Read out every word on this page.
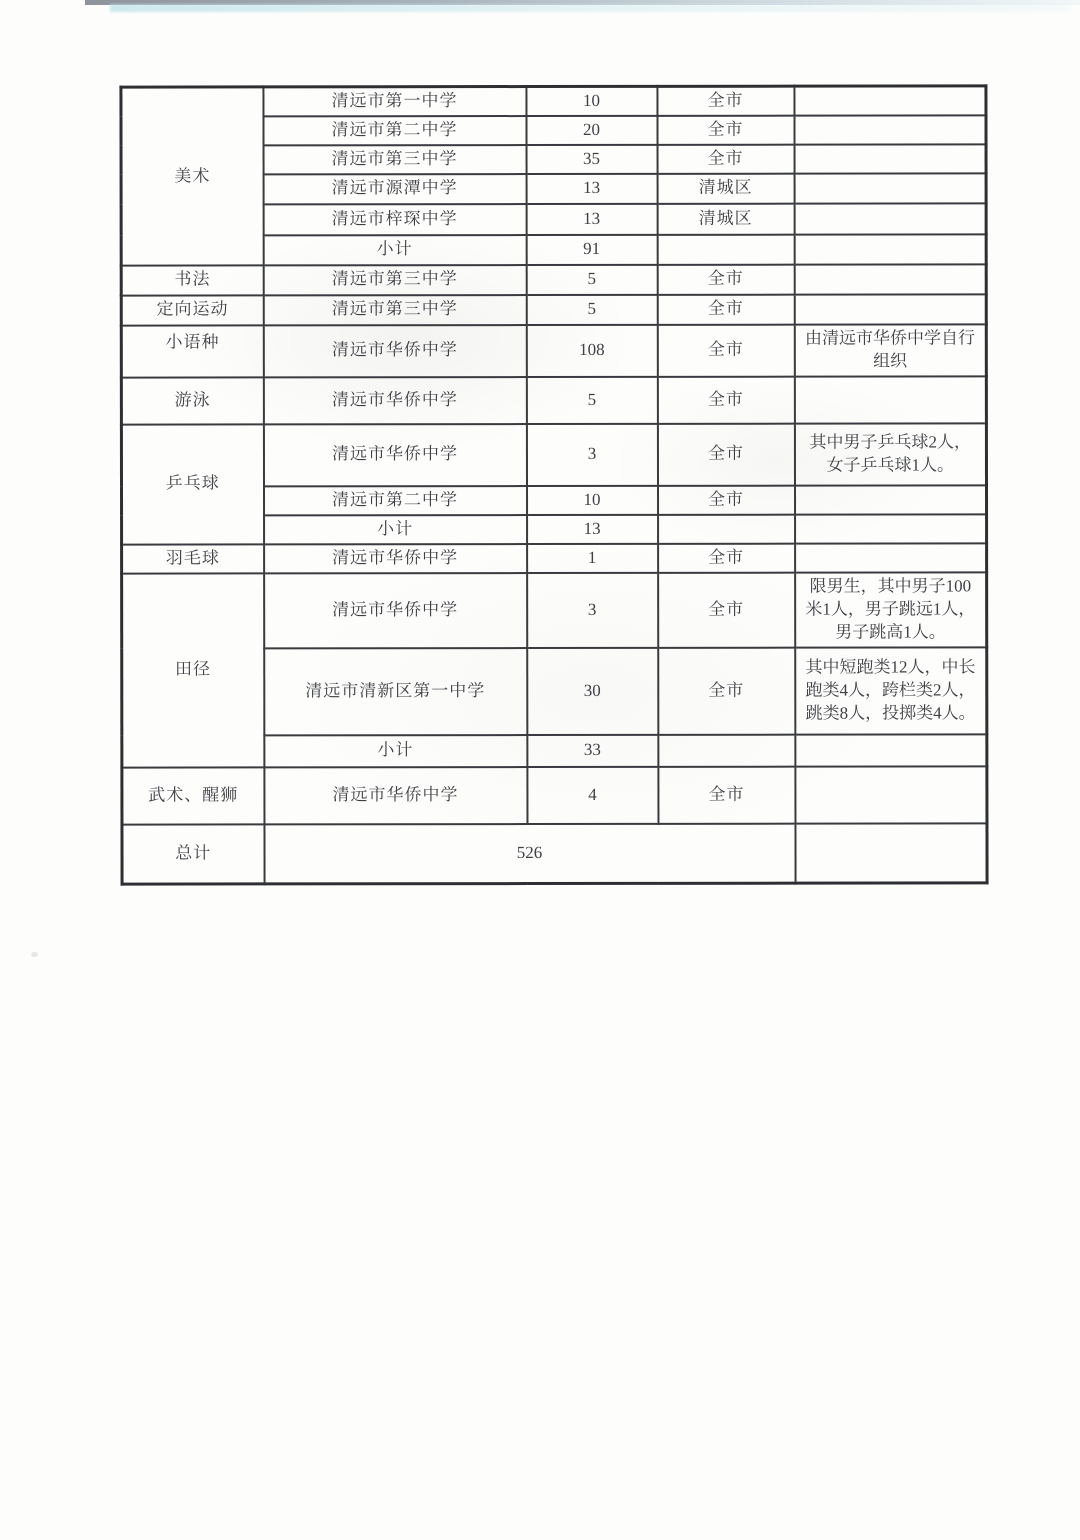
美术	清远市第一中学	10	全市	
	清远市第二中学	20	全市	
	清远市第三中学	35	全市	
	清远市源潭中学	13	清城区	
	清远市梓琛中学	13	清城区	
	小计	91		
书法	清远市第三中学	5	全市	
定向运动	清远市第三中学	5	全市	
小语种	清远市华侨中学	108	全市	由清远市华侨中学自行组织
游泳	清远市华侨中学	5	全市	
乒乓球	清远市华侨中学	3	全市	其中男子乒乓球2人，女子乒乓球1人。
	清远市第二中学	10	全市	
	小计	13		
羽毛球	清远市华侨中学	1	全市	
田径	清远市华侨中学	3	全市	限男生，其中男子100米1人，男子跳远1人，男子跳高1人。
	清远市清新区第一中学	30	全市	其中短跑类12人，中长跑类4人，跨栏类2人，跳类8人，投掷类4人。
	小计	33		
武术、醒狮	清远市华侨中学	4	全市	
总计	526			
